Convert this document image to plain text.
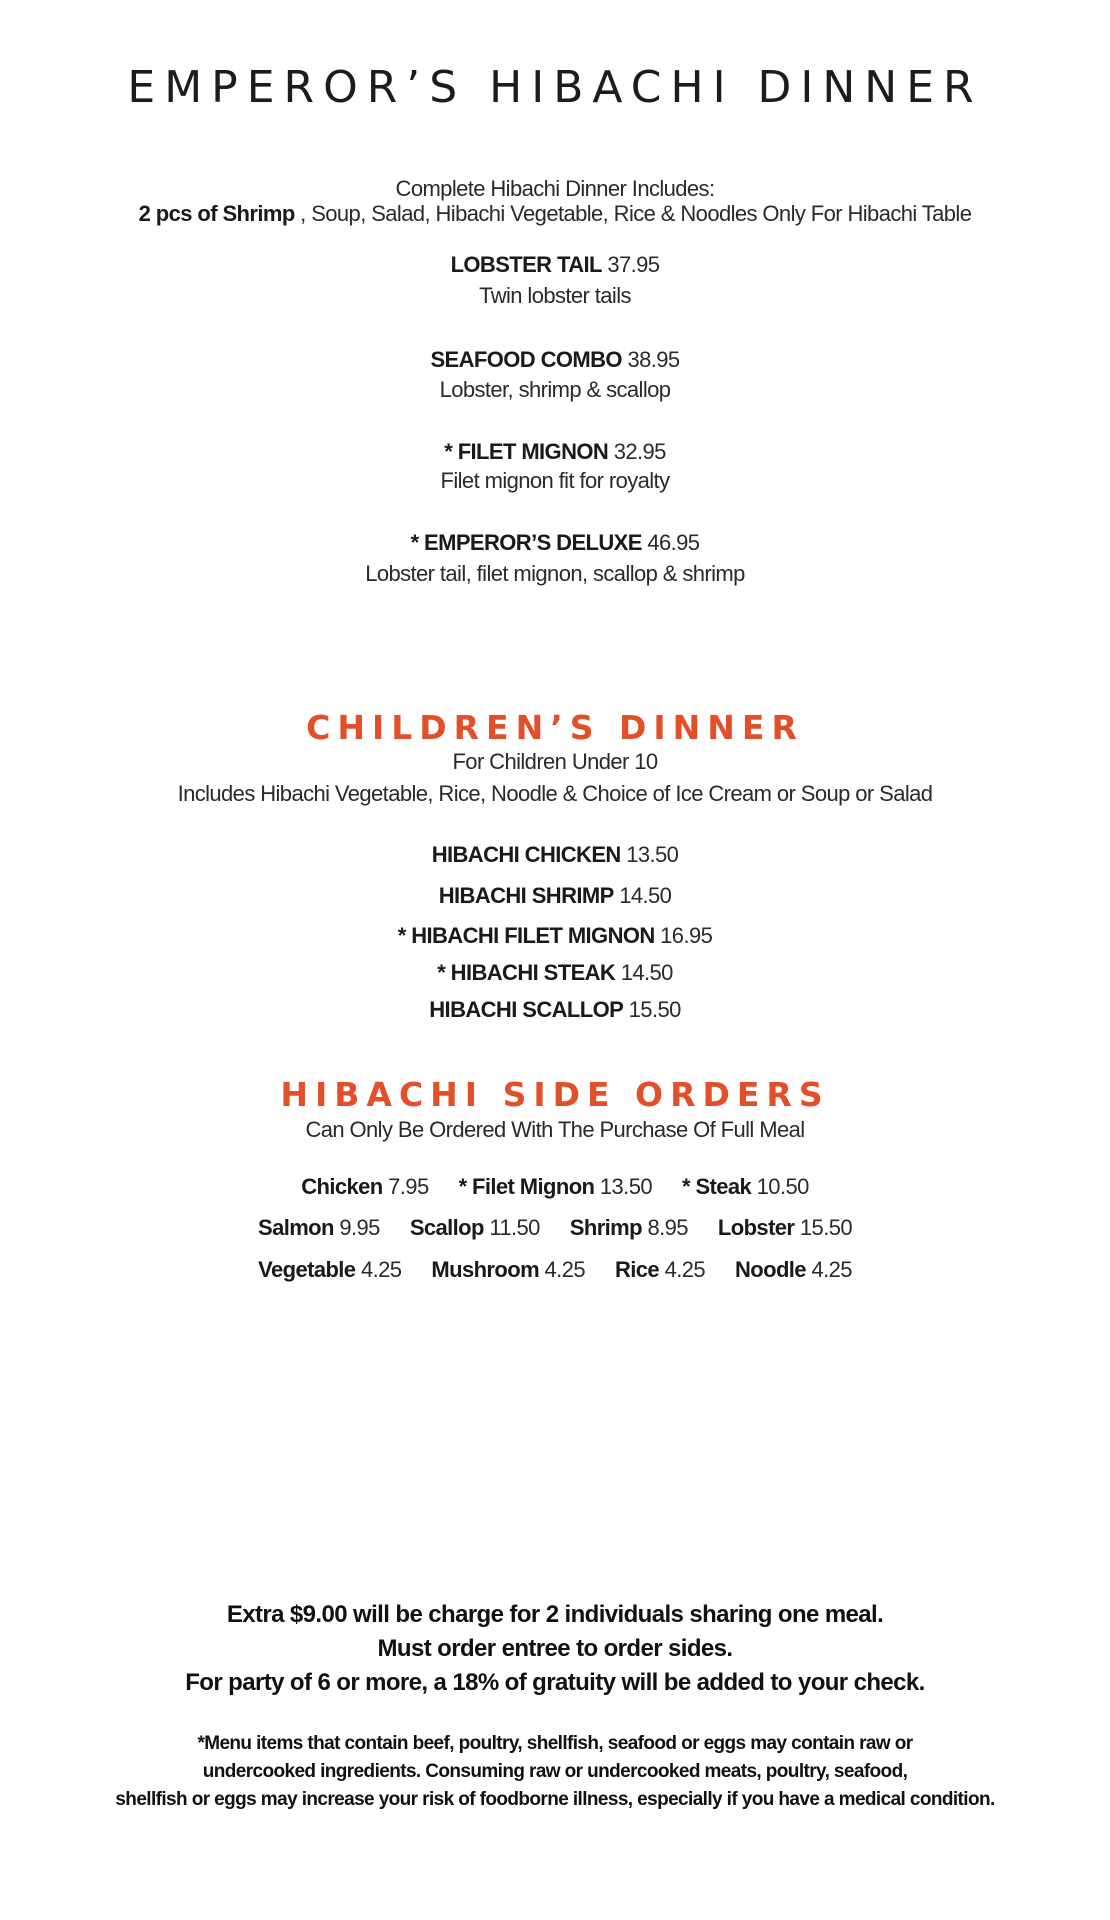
EMPEROR’S HIBACHI DINNER
Complete Hibachi Dinner Includes:
2 pcs of Shrimp , Soup, Salad, Hibachi Vegetable, Rice & Noodles Only For Hibachi Table
LOBSTER TAIL 37.95
Twin lobster tails
SEAFOOD COMBO 38.95
Lobster, shrimp & scallop
* FILET MIGNON 32.95
Filet mignon fit for royalty
* EMPEROR’S DELUXE 46.95
Lobster tail, filet mignon, scallop & shrimp
CHILDREN’S DINNER
For Children Under 10
Includes Hibachi Vegetable, Rice, Noodle & Choice of Ice Cream or Soup or Salad
HIBACHI CHICKEN 13.50
HIBACHI SHRIMP 14.50
* HIBACHI FILET MIGNON 16.95
* HIBACHI STEAK 14.50
HIBACHI SCALLOP 15.50
HIBACHI SIDE ORDERS
Can Only Be Ordered With The Purchase Of Full Meal
Chicken 7.95 * Filet Mignon 13.50 * Steak 10.50
Salmon 9.95 Scallop 11.50 Shrimp 8.95 Lobster 15.50
Vegetable 4.25 Mushroom 4.25 Rice 4.25 Noodle 4.25
Extra $9.00 will be charge for 2 individuals sharing one meal.
Must order entree to order sides.
For party of 6 or more, a 18% of gratuity will be added to your check.
*Menu items that contain beef, poultry, shellfish, seafood or eggs may contain raw or
undercooked ingredients. Consuming raw or undercooked meats, poultry, seafood,
shellfish or eggs may increase your risk of foodborne illness, especially if you have a medical condition.
